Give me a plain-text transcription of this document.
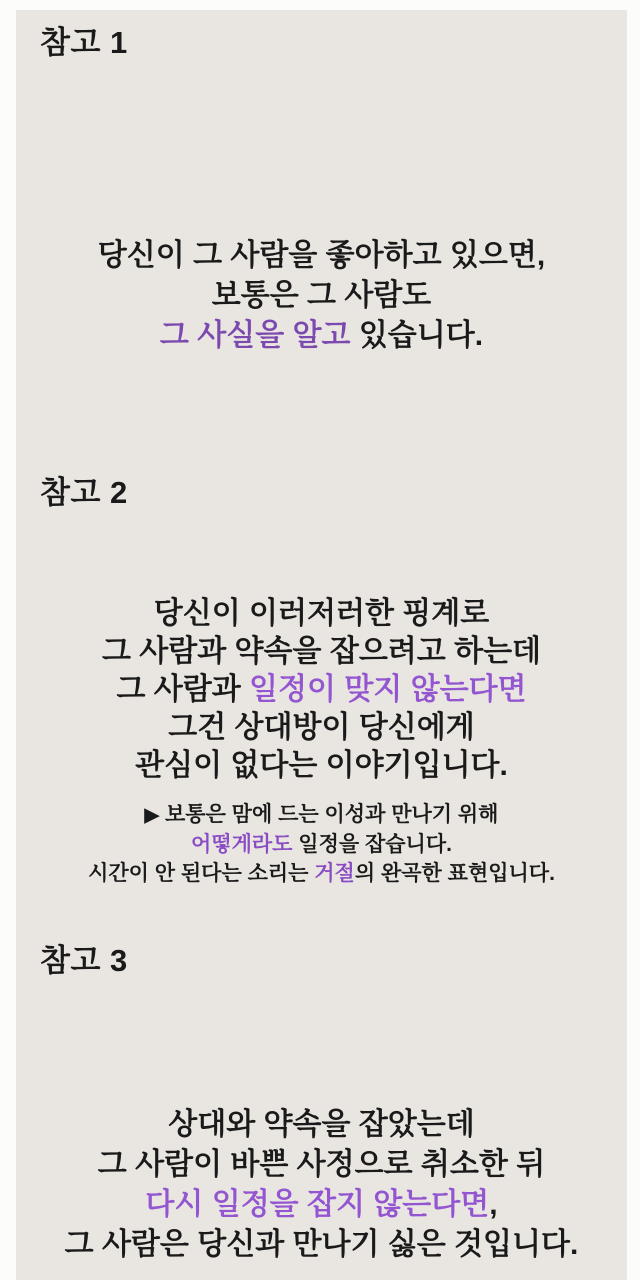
참고 1
당신이 그 사람을 좋아하고 있으면,
보통은 그 사람도
그 사실을 알고 있습니다.
참고 2
당신이 이러저러한 핑계로
그 사람과 약속을 잡으려고 하는데
그 사람과 일정이 맞지 않는다면
그건 상대방이 당신에게
관심이 없다는 이야기입니다.
▶ 보통은 맘에 드는 이성과 만나기 위해
어떻게라도 일정을 잡습니다.
시간이 안 된다는 소리는 거절의 완곡한 표현입니다.
참고 3
상대와 약속을 잡았는데
그 사람이 바쁜 사정으로 취소한 뒤
다시 일정을 잡지 않는다면,
그 사람은 당신과 만나기 싫은 것입니다.
